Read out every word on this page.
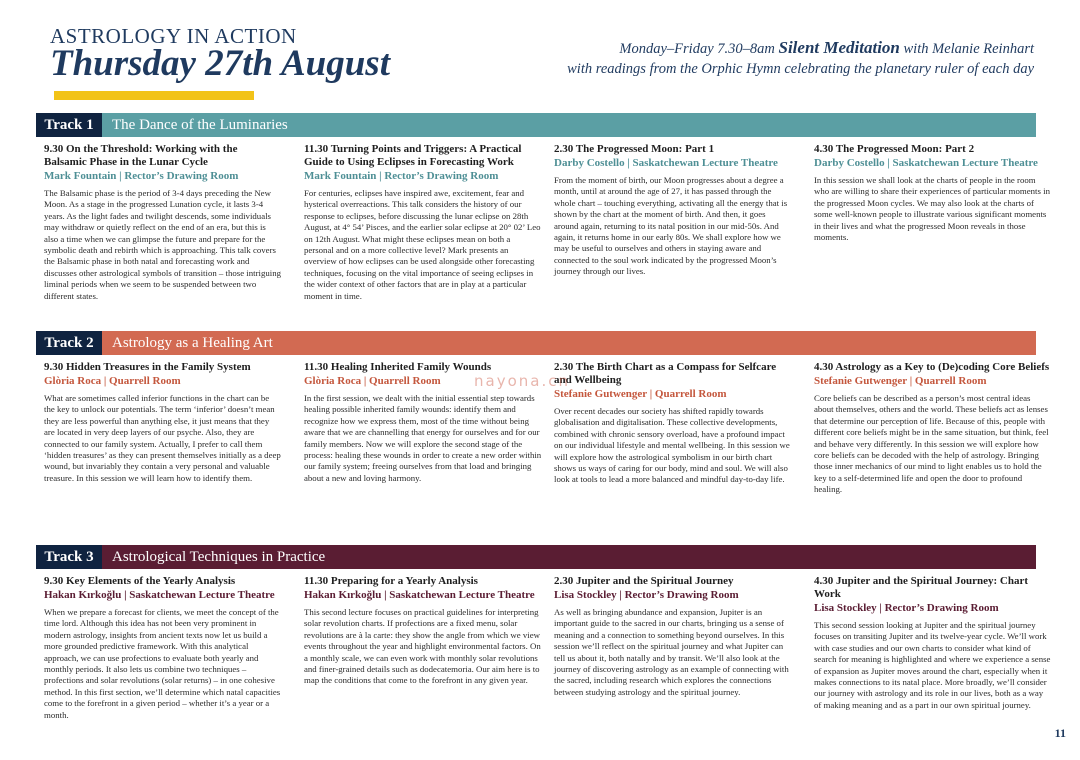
ASTROLOGY IN ACTION
Thursday 27th August	Monday–Friday 7.30–8am Silent Meditation with Melanie Reinhart
with readings from the Orphic Hymn celebrating the planetary ruler of each day
Track 1	The Dance of the Luminaries
9.30 On the Threshold: Working with the Balsamic Phase in the Lunar Cycle
Mark Fountain | Rector’s Drawing Room
The Balsamic phase is the period of 3-4 days preceding the New Moon. As a stage in the progressed Lunation cycle, it lasts 3-4 years. As the light fades and twilight descends, some individuals may withdraw or quietly reflect on the end of an era, but this is also a time when we can glimpse the future and prepare for the symbolic death and rebirth which is approaching. This talk covers the Balsamic phase in both natal and forecasting work and discusses other astrological symbols of transition – those intriguing liminal periods when we seem to be suspended between two different states.
11.30 Turning Points and Triggers: A Practical Guide to Using Eclipses in Forecasting Work
Mark Fountain | Rector’s Drawing Room
For centuries, eclipses have inspired awe, excitement, fear and hysterical overreactions. This talk considers the history of our response to eclipses, before discussing the lunar eclipse on 28th August, at 4° 54’ Pisces, and the earlier solar eclipse at 20° 02’ Leo on 12th August. What might these eclipses mean on both a personal and on a more collective level? Mark presents an overview of how eclipses can be used alongside other forecasting techniques, focusing on the vital importance of seeing eclipses in the wider context of other factors that are in play at a particular moment in time.
2.30 The Progressed Moon: Part 1
Darby Costello | Saskatchewan Lecture Theatre
From the moment of birth, our Moon progresses about a degree a month, until at around the age of 27, it has passed through the whole chart – touching everything, activating all the energy that is shown by the chart at the moment of birth. And then, it goes around again, returning to its natal position in our mid-50s. And again, it returns home in our early 80s. We shall explore how we may be useful to ourselves and others in staying aware and connected to the soul work indicated by the progressed Moon’s journey through our lives.
4.30 The Progressed Moon: Part 2
Darby Costello | Saskatchewan Lecture Theatre
In this session we shall look at the charts of people in the room who are willing to share their experiences of particular moments in the progressed Moon cycles. We may also look at the charts of some well-known people to illustrate various significant moments in their lives and what the progressed Moon reveals in those moments.
Track 2	Astrology as a Healing Art
9.30 Hidden Treasures in the Family System
Glòria Roca | Quarrell Room
What are sometimes called inferior functions in the chart can be the key to unlock our potentials. The term ‘inferior’ doesn’t mean they are less powerful than anything else, it just means that they are located in very deep layers of our psyche. Also, they are connected to our family system. Actually, I prefer to call them ‘hidden treasures’ as they can present themselves initially as a deep wound, but invariably they contain a very personal and valuable treasure. In this session we will learn how to identify them.
11.30 Healing Inherited Family Wounds
Glòria Roca | Quarrell Room
In the first session, we dealt with the initial essential step towards healing possible inherited family wounds: identify them and recognize how we express them, most of the time without being aware that we are channelling that energy for ourselves and for our family members. Now we will explore the second stage of the process: healing these wounds in order to create a new order within our family system; freeing ourselves from that load and bringing about a new and loving harmony.
2.30 The Birth Chart as a Compass for Selfcare and Wellbeing
Stefanie Gutwenger | Quarrell Room
Over recent decades our society has shifted rapidly towards globalisation and digitalisation. These collective developments, combined with chronic sensory overload, have a profound impact on our individual lifestyle and mental wellbeing. In this session we will explore how the astrological symbolism in our birth chart shows us ways of caring for our body, mind and soul. We will also look at tools to lead a more balanced and mindful day-to-day life.
4.30 Astrology as a Key to (De)coding Core Beliefs
Stefanie Gutwenger | Quarrell Room
Core beliefs can be described as a person’s most central ideas about themselves, others and the world. These beliefs act as lenses that determine our perception of life. Because of this, people with different core beliefs might be in the same situation, but think, feel and behave very differently. In this session we will explore how core beliefs can be decoded with the help of astrology. Bringing those inner mechanics of our mind to light enables us to hold the key to a self-determined life and open the door to profound healing.
Track 3	Astrological Techniques in Practice
9.30 Key Elements of the Yearly Analysis
Hakan Kırkoğlu | Saskatchewan Lecture Theatre
When we prepare a forecast for clients, we meet the concept of the time lord. Although this idea has not been very prominent in modern astrology, insights from ancient texts now let us build a more grounded predictive framework. With this analytical approach, we can use profections to evaluate both yearly and monthly periods. It also lets us combine two techniques – profections and solar revolutions (solar returns) – in one cohesive method. In this first section, we’ll determine which natal capacities come to the forefront in a given period – whether it’s a year or a month.
11.30 Preparing for a Yearly Analysis
Hakan Kırkoğlu | Saskatchewan Lecture Theatre
This second lecture focuses on practical guidelines for interpreting solar revolution charts. If profections are a fixed menu, solar revolutions are à la carte: they show the angle from which we view events throughout the year and highlight environmental factors. On a monthly scale, we can even work with monthly solar revolutions and finer-grained details such as dodecatemoria. Our aim here is to map the conditions that come to the forefront in any given year.
2.30 Jupiter and the Spiritual Journey
Lisa Stockley | Rector’s Drawing Room
As well as bringing abundance and expansion, Jupiter is an important guide to the sacred in our charts, bringing us a sense of meaning and a connection to something beyond ourselves. In this session we’ll reflect on the spiritual journey and what Jupiter can tell us about it, both natally and by transit. We’ll also look at the journey of discovering astrology as an example of connecting with the sacred, including research which explores the connections between studying astrology and the spiritual journey.
4.30 Jupiter and the Spiritual Journey: Chart Work
Lisa Stockley | Rector’s Drawing Room
This second session looking at Jupiter and the spiritual journey focuses on transiting Jupiter and its twelve-year cycle. We’ll work with case studies and our own charts to consider what kind of search for meaning is highlighted and where we experience a sense of expansion as Jupiter moves around the chart, especially when it makes connections to its natal place. More broadly, we’ll consider our journey with astrology and its role in our lives, both as a way of making meaning and as a part in our own spiritual journey.
nayona.cn
11
